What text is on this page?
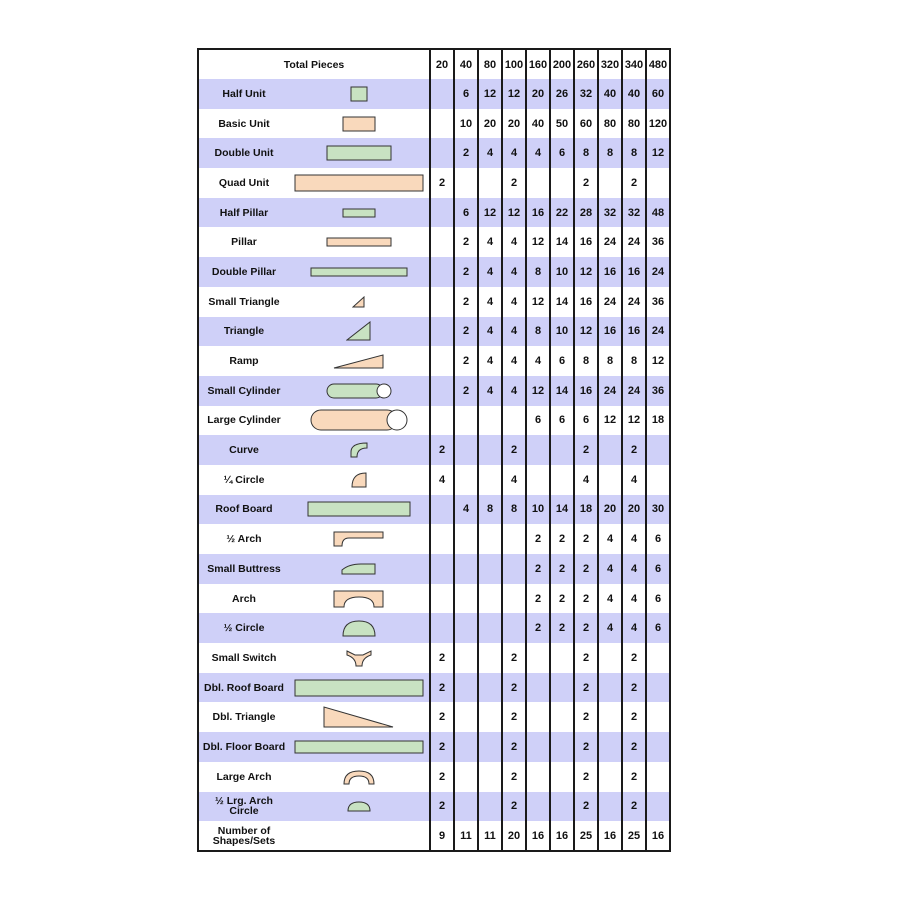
Total Pieces		20	40	80	100	160	200	260	320	340	480
Half Unit			6	12	12	20	26	32	40	40	60
Basic Unit			10	20	20	40	50	60	80	80	120
Double Unit			2	4	4	4	6	8	8	8	12
Quad Unit		2			2			2		2	
Half Pillar			6	12	12	16	22	28	32	32	48
Pillar			2	4	4	12	14	16	24	24	36
Double Pillar			2	4	4	8	10	12	16	16	24
Small Triangle			2	4	4	12	14	16	24	24	36
Triangle			2	4	4	8	10	12	16	16	24
Ramp			2	4	4	4	6	8	8	8	12
Small Cylinder			2	4	4	12	14	16	24	24	36
Large Cylinder						6	6	6	12	12	18
Curve		2			2			2		2	
¼ Circle		4			4			4		4	
Roof Board			4	8	8	10	14	18	20	20	30
½ Arch						2	2	2	4	4	6
Small Buttress						2	2	2	4	4	6
Arch						2	2	2	4	4	6
½ Circle						2	2	2	4	4	6
Small Switch		2			2			2		2	
Dbl. Roof Board		2			2			2		2	
Dbl. Triangle		2			2			2		2	
Dbl. Floor Board		2			2			2		2	
Large Arch		2			2			2		2	
½ Lrg. Arch Circle		2			2			2		2	
Number of Shapes/Sets		9	11	11	20	16	16	25	16	25	16
